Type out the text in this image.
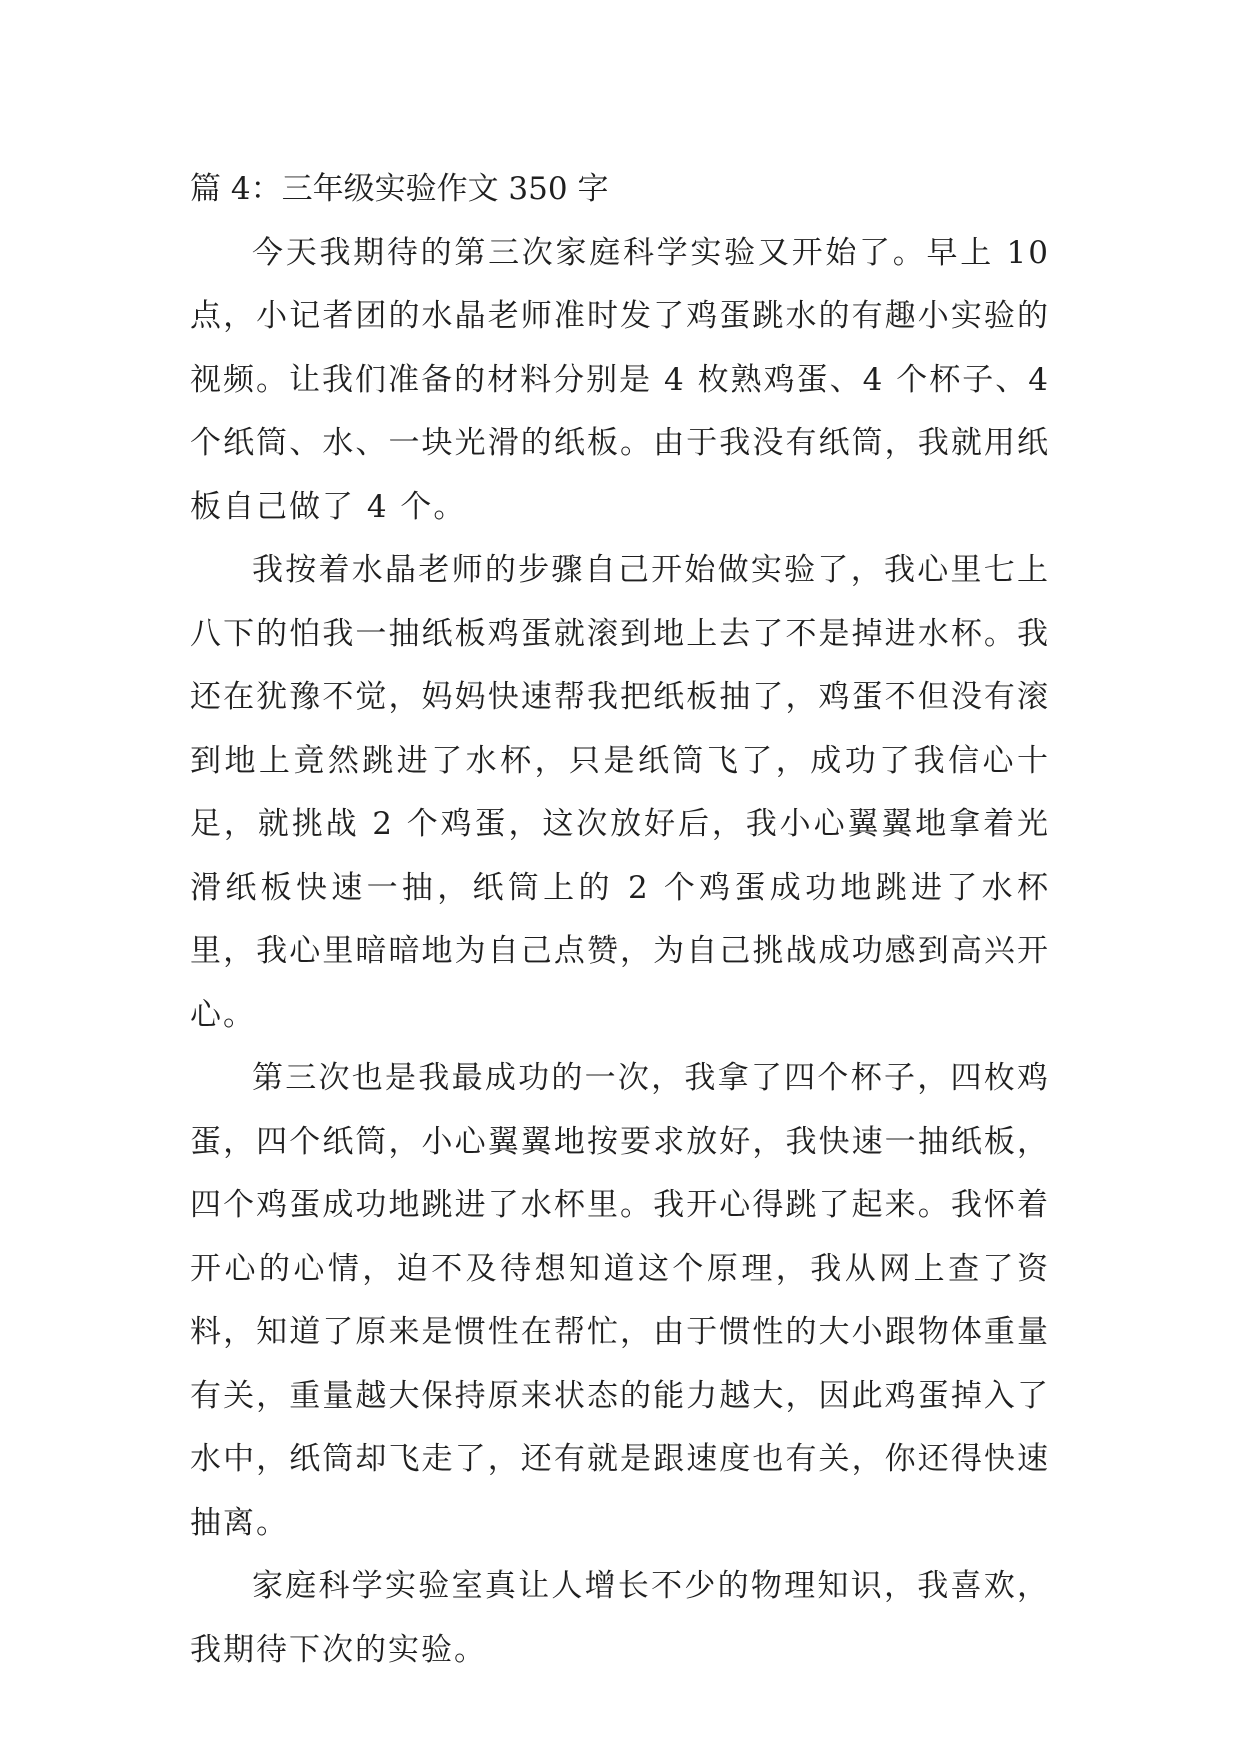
篇 4：三年级实验作文 350 字

今天我期待的第三次家庭科学实验又开始了。早上 10 点，小记者团的水晶老师准时发了鸡蛋跳水的有趣小实验的视频。让我们准备的材料分别是 4 枚熟鸡蛋、4 个杯子、4 个纸筒、水、一块光滑的纸板。由于我没有纸筒，我就用纸板自己做了 4 个。

我按着水晶老师的步骤自己开始做实验了，我心里七上八下的怕我一抽纸板鸡蛋就滚到地上去了不是掉进水杯。我还在犹豫不觉，妈妈快速帮我把纸板抽了，鸡蛋不但没有滚到地上竟然跳进了水杯，只是纸筒飞了，成功了我信心十足，就挑战 2 个鸡蛋，这次放好后，我小心翼翼地拿着光滑纸板快速一抽，纸筒上的 2 个鸡蛋成功地跳进了水杯里，我心里暗暗地为自己点赞，为自己挑战成功感到高兴开心。

第三次也是我最成功的一次，我拿了四个杯子，四枚鸡蛋，四个纸筒，小心翼翼地按要求放好，我快速一抽纸板，四个鸡蛋成功地跳进了水杯里。我开心得跳了起来。我怀着开心的心情，迫不及待想知道这个原理，我从网上查了资料，知道了原来是惯性在帮忙，由于惯性的大小跟物体重量有关，重量越大保持原来状态的能力越大，因此鸡蛋掉入了水中，纸筒却飞走了，还有就是跟速度也有关，你还得快速抽离。

家庭科学实验室真让人增长不少的物理知识，我喜欢，我期待下次的实验。
